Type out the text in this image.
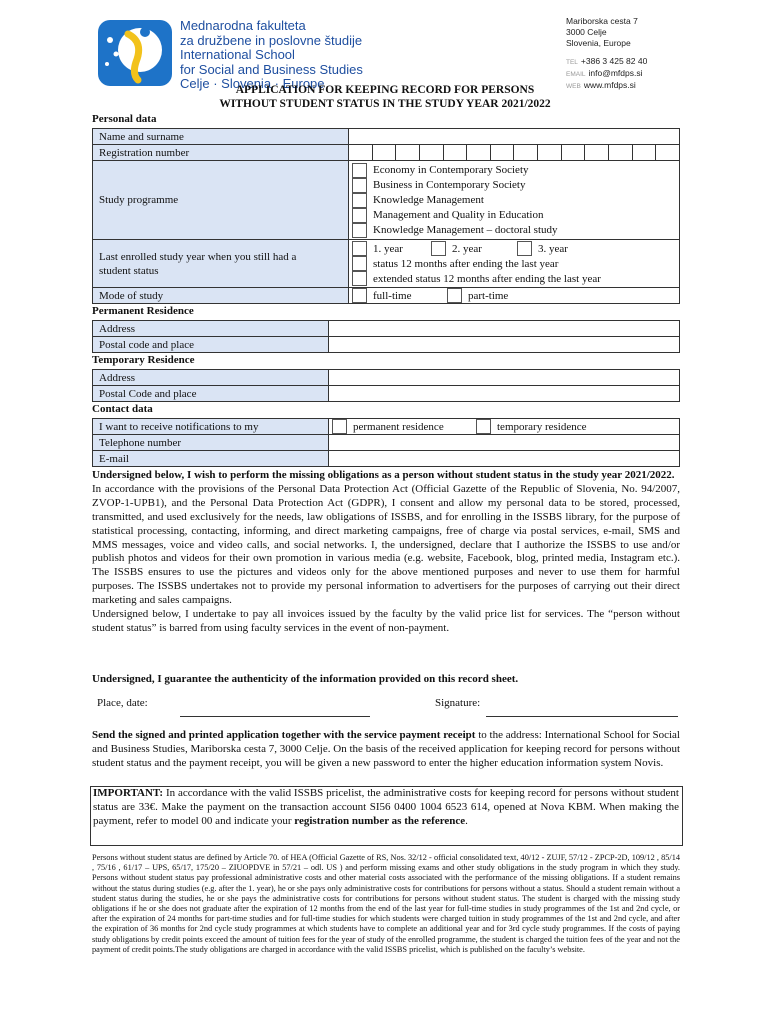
Mednarodna fakulteta
za družbene in poslovne študije
International School
for Social and Business Studies
Celje · Slovenia · Europe
Mariborska cesta 7
3000 Celje
Slovenia, Europe
TEL +386 3 425 82 40
EMAIL info@mfdps.si
WEB www.mfdps.si
APPLICATION FOR KEEPING RECORD FOR PERSONS
WITHOUT STUDENT STATUS IN THE STUDY YEAR 2021/2022
Personal data
Name and surname	
Registration number	

Study programme	Economy in Contemporary Society
Business in Contemporary Society
Knowledge Management
Management and Quality in Education
Knowledge Management – doctoral study

Last enrolled study year when you still had a student status	1. year 2. year 3. year
status 12 months after ending the last year
extended status 12 months after ending the last year

Mode of study	full-time part-time
Permanent Residence
Address	
Postal code and place	
Temporary Residence
Address	
Postal Code and place	
Contact data
I want to receive notifications to my	permanent residence temporary residence

Telephone number	
E-mail	
Undersigned below, I wish to perform the missing obligations as a person without student status in the study year 2021/2022.
In accordance with the provisions of the Personal Data Protection Act (Official Gazette of the Republic of Slovenia, No. 94/2007, ZVOP-1-UPB1), and the Personal Data Protection Act (GDPR), I consent and allow my personal data to be stored, processed, transmitted, and used exclusively for the needs, law obligations of ISSBS, and for enrolling in the ISSBS library, for the purpose of statistical processing, contacting, informing, and direct marketing campaigns, free of charge via postal services, e-mail, SMS and MMS messages, voice and video calls, and social networks. I, the undersigned, declare that I authorize the ISSBS to use and/or publish photos and videos for their own promotion in various media (e.g. website, Facebook, blog, printed media, Instagram etc.). The ISSBS ensures to use the pictures and videos only for the above mentioned purposes and never to use them for harmful purposes. The ISSBS undertakes not to provide my personal information to advertisers for the purposes of carrying out their direct marketing and sales campaigns.
Undersigned below, I undertake to pay all invoices issued by the faculty by the valid price list for services. The “person without student status” is barred from using faculty services in the event of non-payment.
Undersigned, I guarantee the authenticity of the information provided on this record sheet.
Place, date:	Signature:
Send the signed and printed application together with the service payment receipt to the address: International School for Social and Business Studies, Mariborska cesta 7, 3000 Celje. On the basis of the received application for keeping record for persons without student status and the payment receipt, you will be given a new password to enter the higher education information system Novis.
IMPORTANT: In accordance with the valid ISSBS pricelist, the administrative costs for keeping record for persons without student status are 33€. Make the payment on the transaction account SI56 0400 1004 6523 614, opened at Nova KBM. When making the payment, refer to model 00 and indicate your registration number as the reference.
Persons without student status are defined by Article 70. of HEA (Official Gazette of RS, Nos. 32/12 - official consolidated text, 40/12 - ZUJF, 57/12 - ZPCP-2D, 109/12 , 85/14 , 75/16 , 61/17 – UPS, 65/17, 175/20 – ZIUOPDVE in 57/21 – odl. US ) and perform missing exams and other study obligations in the study program in which they study. Persons without student status pay professional administrative costs and other material costs associated with the performance of the missing obligations. If a student remains without the status during studies (e.g. after the 1. year), he or she pays only administrative costs for contributions for persons without a status. Should a student remain without a student status during the studies, he or she pays the administrative costs for contributions for persons without student status. The student is charged with the missing study obligations if he or she does not graduate after the expiration of 12 months from the end of the last year for full-time studies in study programmes of the 1st and 2nd cycle, or after the expiration of 24 months for part-time studies and for full-time studies for which students were charged tuition in study programmes of the 1st and 2nd cycle, and after the expiration of 36 months for 2nd cycle study programmes at which students have to complete an additional year and for 3rd cycle study programmes. If the costs of paying study obligations by credit points exceed the amount of tuition fees for the year of study of the enrolled programme, the student is charged the tuition fees of the year and not the payment of credit points.The study obligations are charged in accordance with the valid ISSBS pricelist, which is published on the faculty’s website.
